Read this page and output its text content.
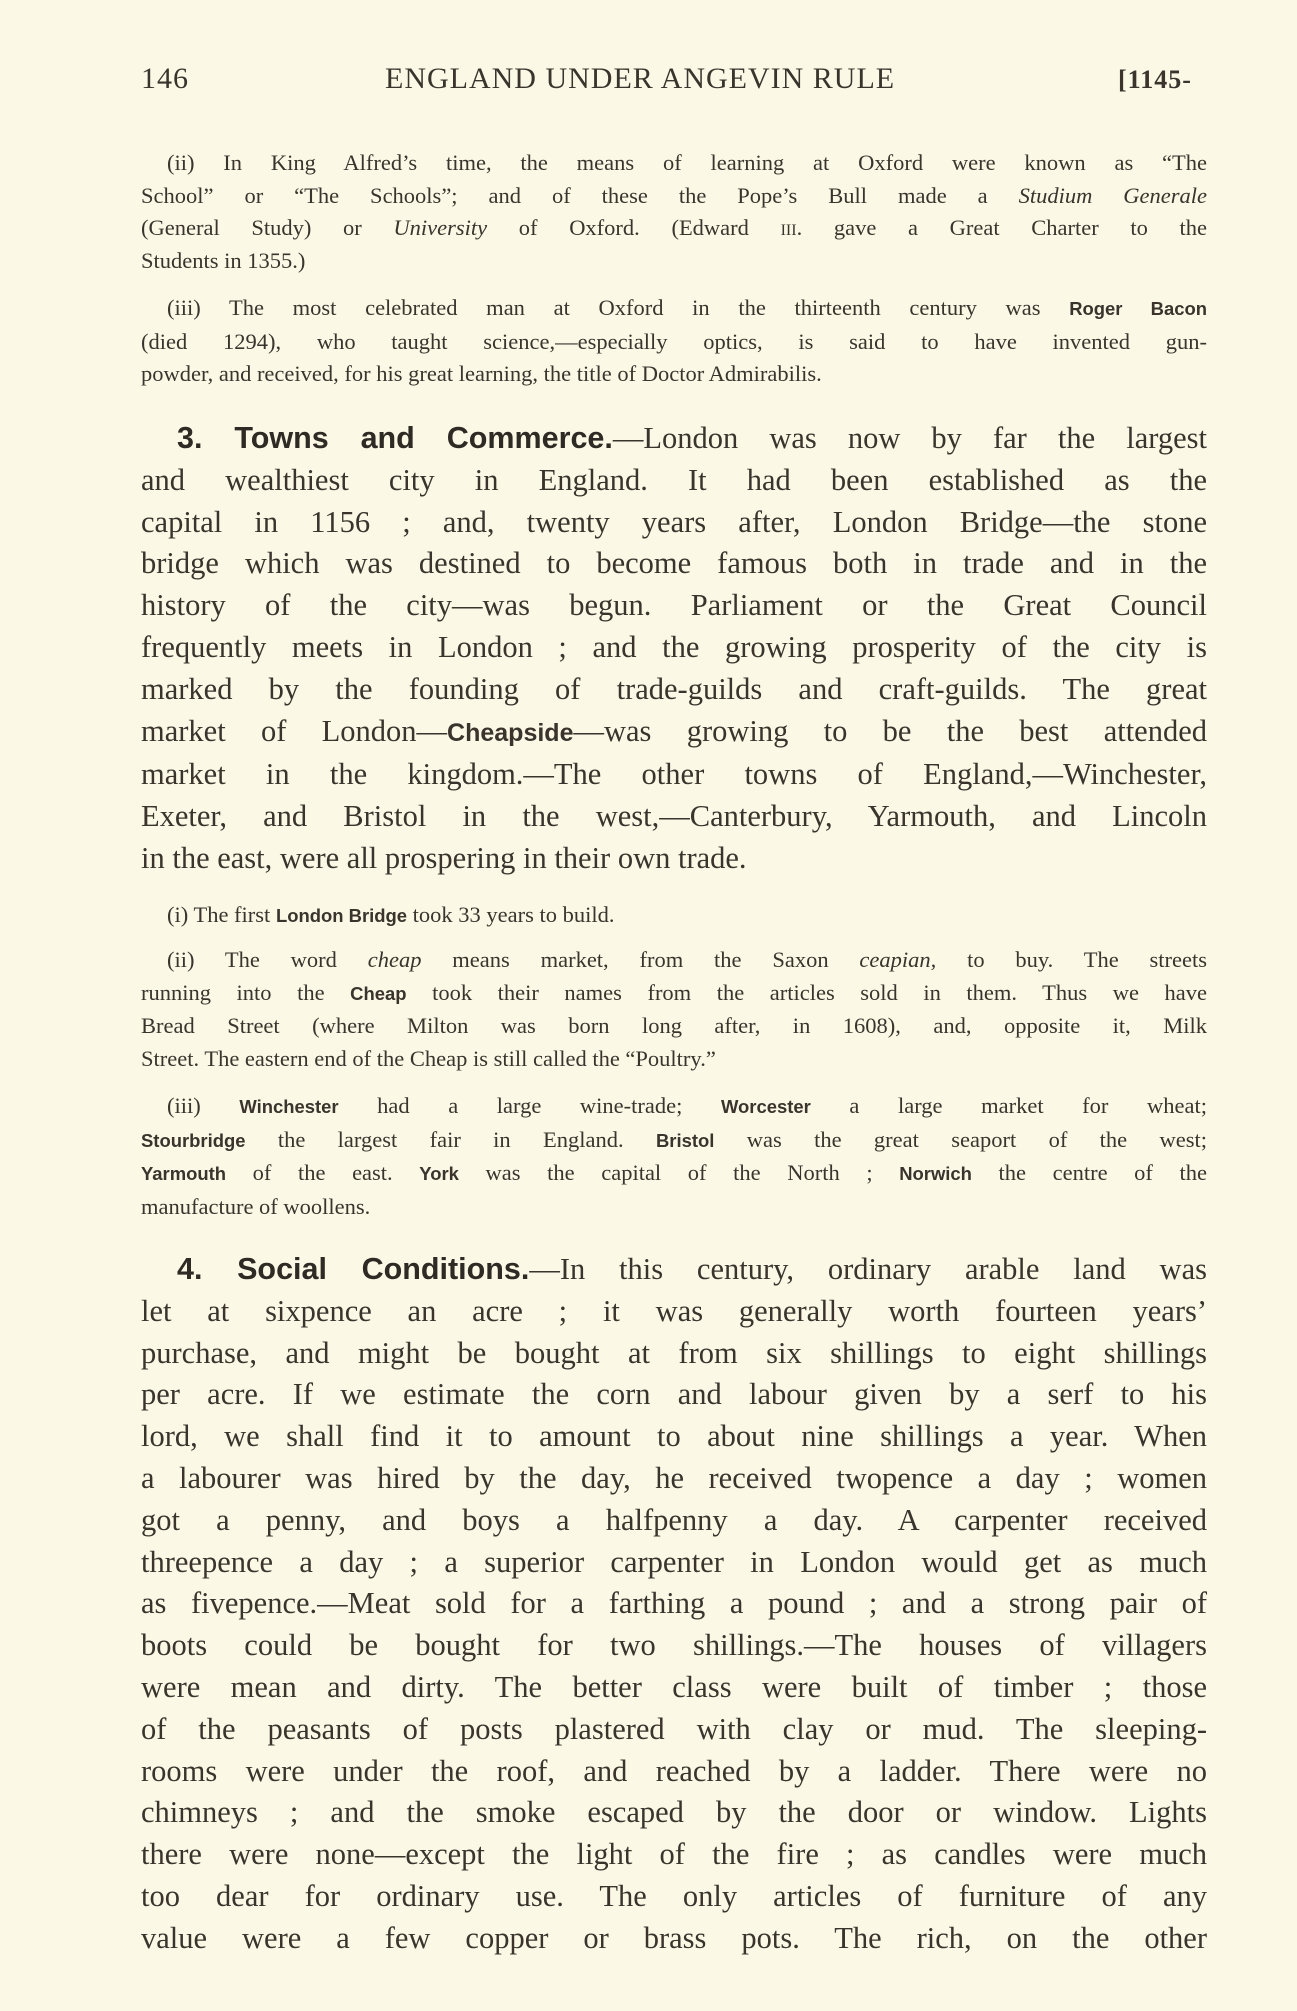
146	ENGLAND UNDER ANGEVIN RULE	[1145-
(ii) In King Alfred’s time, the means of learning at Oxford were known as “The
School” or “The Schools”; and of these the Pope’s Bull made a Studium Generale
(General Study) or University of Oxford. (Edward iii. gave a Great Charter to the
Students in 1355.)
(iii) The most celebrated man at Oxford in the thirteenth century was Roger Bacon
(died 1294), who taught science,—especially optics, is said to have invented gun-
powder, and received, for his great learning, the title of Doctor Admirabilis.
3. Towns and Commerce.—London was now by far the largest
and wealthiest city in England. It had been established as the
capital in 1156 ; and, twenty years after, London Bridge—the stone
bridge which was destined to become famous both in trade and in the
history of the city—was begun. Parliament or the Great Council
frequently meets in London ; and the growing prosperity of the city is
marked by the founding of trade-guilds and craft-guilds. The great
market of London—Cheapside—was growing to be the best attended
market in the kingdom.—The other towns of England,—Winchester,
Exeter, and Bristol in the west,—Canterbury, Yarmouth, and Lincoln
in the east, were all prospering in their own trade.
(i) The first London Bridge took 33 years to build.
(ii) The word cheap means market, from the Saxon ceapian, to buy. The streets
running into the Cheap took their names from the articles sold in them. Thus we have
Bread Street (where Milton was born long after, in 1608), and, opposite it, Milk
Street. The eastern end of the Cheap is still called the “Poultry.”
(iii) Winchester had a large wine-trade; Worcester a large market for wheat;
Stourbridge the largest fair in England. Bristol was the great seaport of the west;
Yarmouth of the east. York was the capital of the North ; Norwich the centre of the
manufacture of woollens.
4. Social Conditions.—In this century, ordinary arable land was
let at sixpence an acre ; it was generally worth fourteen years’
purchase, and might be bought at from six shillings to eight shillings
per acre. If we estimate the corn and labour given by a serf to his
lord, we shall find it to amount to about nine shillings a year. When
a labourer was hired by the day, he received twopence a day ; women
got a penny, and boys a halfpenny a day. A carpenter received
threepence a day ; a superior carpenter in London would get as much
as fivepence.—Meat sold for a farthing a pound ; and a strong pair of
boots could be bought for two shillings.—The houses of villagers
were mean and dirty. The better class were built of timber ; those
of the peasants of posts plastered with clay or mud. The sleeping-
rooms were under the roof, and reached by a ladder. There were no
chimneys ; and the smoke escaped by the door or window. Lights
there were none—except the light of the fire ; as candles were much
too dear for ordinary use. The only articles of furniture of any
value were a few copper or brass pots. The rich, on the other
